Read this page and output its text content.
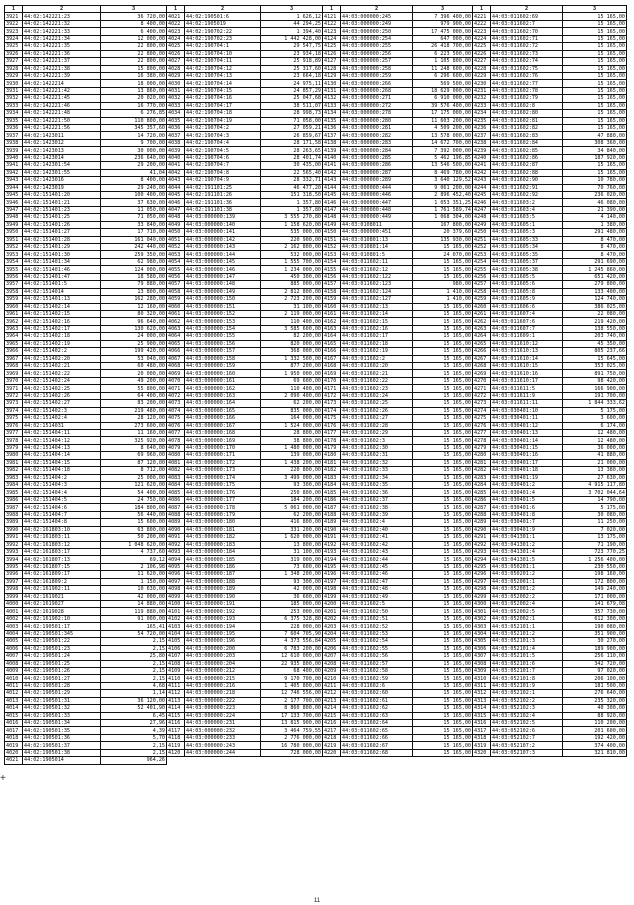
1	2	3
3921	44:02:142221:23	36 720,00
3922	44:02:142221:32	8 400,00
3923	44:02:142221:33	6 400,00
3924	44:02:142221:34	12 000,00
3925	44:02:142221:35	22 800,00
3926	44:02:142221:36	22 800,00
3927	44:02:142221:37	22 800,00
3928	44:02:142221:38	15 800,00
3929	44:02:142221:39	16 380,00
3930	44:02:1422214	18 000,00
3931	44:02:142221:42	13 860,00
3932	44:02:142221:45	20 020,00
3933	44:02:142221:46	16 770,00
3934	44:02:142221:48	6 276,85
3935	44:02:142221:50	110 800,00
3936	44:02:142221:56	345 357,60
3937	44:02:1423011	14 720,00
3938	44:02:1423012	9 700,00
3939	44:02:1423013	30 000,00
3940	44:02:1423014	236 640,00
3941	44:02:142301:54	29 200,00
3942	44:02:142301:55	41,04
3943	44:02:1423016	8 400,00
3944	44:02:1423019	29 240,00
3945	44:02:151401:20	100 400,00
3946	44:02:151401:21	37 630,00
3947	44:02:151401:23	11 050,00
3948	44:02:151401:25	71 050,00
3949	44:02:151401:26	33 840,00
3950	44:02:151401:27	17 710,00
3951	44:02:151401:28	161 040,00
3952	44:02:151401:29	242 440,00
3953	44:02:151401:30	259 350,00
3954	44:02:151401:34	62 980,00
3955	44:02:151401:46	124 000,00
3956	44:02:151401:47	18 580,00
3957	44:02:151401:5	79 880,00
3958	44:02:1514014	13 800,00
3959	44:02:151401:13	162 280,00
3960	44:02:151402:14	12 160,00
3961	44:02:151402:15	80 320,00
3962	44:02:151402:16	96 640,00
3963	44:02:151402:17	130 620,00
3964	44:02:151402:18	24 000,00
3965	44:02:151402:19	25 900,00
3966	44:02:151402:2	199 420,00
3967	44:02:151402:20	53 040,00
3968	44:02:151402:21	60 480,00
3969	44:02:151402:22	20 000,00
3970	44:02:151402:24	49 200,00
3971	44:02:151402:25	55 800,00
3972	44:02:151402:26	64 400,00
3973	44:02:151402:27	83 200,00
3974	44:02:151402:3	219 480,00
3975	44:02:151402:4	28 120,00
3976	44:02:1514031	273 600,00
3977	44:02:151404:11	11 160,00
3978	44:02:151404:12	325 920,00
3979	44:02:151404:13	8 640,00
3980	44:02:151404:14	69 960,00
3981	44:02:151404:15	87 120,00
3982	44:02:151404:18	8 712,00
3983	44:02:151404:2	25 000,00
3984	44:02:151404:3	121 620,00
3985	44:02:151404:4	54 400,00
3986	44:02:151404:5	24 750,00
3987	44:02:151404:6	184 800,00
3988	44:02:151404:7	56 440,00
3989	44:02:151404:8	15 600,00
3990	44:02:161803:10	63 800,00
3991	44:02:161803:11	50 200,00
3992	44:02:161803:12	1 048 620,00
3993	44:02:161803:17	4 737,60
3994	44:02:161807:13	69,12
3995	44:02:161807:15	2 106,98
3996	44:02:161809:17	11 620,00
3997	44:02:161809:2	1 150,00
3998	44:02:161902:11	10 630,00
3999	44:02:1619021	42 000,00
4000	44:02:1619027	14 880,00
4001	44:02:1619028	119 880,00
4002	44:02:161902:10	91 000,00
4003	44:02:190501:17	165,41
4004	44:02:190501:345	54 720,00
4005	44:02:190501:22	2,15
4006	44:02:190501:23	2,15
4007	44:02:190501:24	25,80
4008	44:02:190501:25	2,15
4009	44:02:190501:26	2,15
4010	44:02:190501:27	2,15
4011	44:02:190501:28	4,68
4012	44:02:190501:29	1,14
4013	44:02:190501:31	36 120,00
4014	44:02:190501:32	52 401,90
4015	44:02:190501:33	6,45
4016	44:02:190501:34	27,96
4017	44:02:190501:35	4,39
4018	44:02:190501:36	5,70
4019	44:02:190501:37	2,15
4020	44:02:190501:38	2,15
4021	44:02:1905014	964,26
1	2	3
4021	44:02:190501:6	1 626,12
4022	44:02:1905019	44 294,25
4023	44:02:190702:22	1 394,40
4024	44:02:190702:23	1 442 428,00
4025	44:02:190704:1	29 547,75
4026	44:02:190704:10	23 934,18
4027	44:02:190704:11	25 918,89
4028	44:02:190704:12	25 317,60
4029	44:02:190704:13	23 664,18
4030	44:02:190704:14	24 975,11
4031	44:02:190704:15	24 857,29
4032	44:02:190704:16	25 047,68
4033	44:02:190704:17	38 511,07
4034	44:02:190704:18	28 998,73
4035	44:02:190704:19	71 058,00
4036	44:02:190704:2	27 059,21
4037	44:02:190704:3	26 859,67
4038	44:02:190704:4	28 171,58
4039	44:02:190704:5	28 263,65
4040	44:02:190704:6	28 401,74
4041	44:02:190704:7	30 435,00
4042	44:02:190704:8	22 565,40
4043	44:02:190704:9	28 332,71
4044	44:02:191101:25	46 477,20
4045	44:02:191101:26	151 318,50
4046	44:02:191101:36	1 357,80
4047	44:02:191101:38	1 357,80
4048	44:03:000000:139	3 555 270,80
4049	44:03:000000:140	1 158 620,00
4050	44:03:000000:141	535 000,00
4051	44:03:000000:142	220 900,00
4052	44:03:000000:143	2 162 800,00
4053	44:03:000000:144	532 000,00
4054	44:03:000000:145	1 555 700,00
4055	44:03:000000:146	1 234 000,00
4056	44:03:000000:147	450 300,00
4057	44:03:000000:148	885 000,00
4058	44:03:000000:149	2 812 800,00
4059	44:03:000000:150	2 723 200,00
4060	44:03:000000:151	31 100,00
4061	44:03:000000:152	2 119 000,00
4062	44:03:000000:153	110 400,00
4063	44:03:000000:154	3 585 600,00
4064	44:03:000000:155	82 200,00
4065	44:03:000000:156	820 000,00
4066	44:03:000000:157	368 000,00
4067	44:03:000000:158	1 332 500,00
4068	44:03:000000:159	877 200,00
4069	44:03:000000:160	1 950 000,00
4070	44:03:000000:161	69 600,00
4071	44:03:000000:162	110 400,00
4072	44:03:000000:163	2 090 400,00
4073	44:03:000000:164	62 200,00
4074	44:03:000000:165	835 000,00
4075	44:03:000000:166	164 000,00
4076	44:03:000000:167	1 524 000,00
4077	44:03:000000:168	28 800,00
4078	44:03:000000:169	38 800,00
4079	44:03:000000:170	1 480 000,00
4080	44:03:000000:171	139 000,00
4081	44:03:000000:172	1 438 200,00
4082	44:03:000000:173	220 800,00
4083	44:03:000000:174	3 499 000,00
4084	44:03:000000:175	93 300,00
4085	44:03:000000:176	250 800,00
4086	44:03:000000:177	184 200,00
4087	44:03:000000:178	5 061 000,00
4088	44:03:000000:179	62 200,00
4089	44:03:000000:180	416 800,00
4090	44:03:000000:181	331 200,00
4091	44:03:000000:182	1 620 000,00
4092	44:03:000000:183	13 800,00
4093	44:03:000000:184	31 100,00
4094	44:03:000000:185	319 000,00
4095	44:03:000000:186	73 600,00
4096	44:03:000000:187	1 348 200,00
4097	44:03:000000:188	93 300,00
4098	44:03:000000:189	42 000,00
4099	44:03:000000:190	36 600,00
4100	44:03:000000:191	185 000,00
4101	44:03:000000:192	253 000,00
4102	44:03:000000:193	6 375 328,80
4103	44:03:000000:194	228 000,00
4104	44:03:000000:195	7 604 705,90
4105	44:03:000000:196	4 373 556,84
4106	44:03:000000:200	6 783 200,00
4107	44:03:000000:203	12 610 000,00
4108	44:03:000000:204	22 935 800,00
4109	44:03:000000:212	68 400,00
4110	44:03:000000:215	9 170 700,00
4111	44:03:000000:216	1 405 800,00
4112	44:03:000000:218	12 746 556,00
4113	44:03:000000:222	2 177 700,00
4114	44:03:000000:223	8 860 800,00
4115	44:03:000000:224	17 133 700,00
4116	44:03:000000:231	13 815 900,00
4117	44:03:000000:232	3 464 759,55
4118	44:03:000000:233	2 776 000,00
4119	44:03:000000:243	16 780 000,00
4120	44:03:000000:244	728 000,00
1	2	3
4121	44:03:000000:245	7 396 400,00
4122	44:03:000000:249	979 900,00
4123	44:03:000000:250	17 475 000,00
4124	44:03:000000:254	647 000,00
4125	44:03:000000:255	26 418 700,00
4126	44:03:000000:256	6 223 500,00
4127	44:03:000000:257	1 105 800,00
4128	44:03:000000:258	11 248 600,00
4129	44:03:000000:259	6 296 600,00
4130	44:03:000000:266	569 500,00
4131	44:03:000000:268	18 629 000,00
4132	44:03:000000:271	6 910 000,00
4133	44:03:000000:272	39 576 400,00
4134	44:03:000000:278	17 175 000,00
4135	44:03:000000:280	11 603 200,00
4136	44:03:000000:281	4 509 200,00
4137	44:03:000000:282	13 578 000,00
4138	44:03:000000:283	14 672 700,00
4139	44:03:000000:284	7 392 000,00
4140	44:03:000000:285	5 462 196,85
4141	44:03:000000:286	13 546 500,00
4142	44:03:000000:287	8 469 780,00
4143	44:03:000000:289	3 640 129,52
4144	44:03:000000:444	9 061 200,00
4145	44:03:000000:446	2 896 452,40
4146	44:03:000000:447	1 053 351,25
4147	44:03:000000:448	1 761 589,74
4148	44:03:000000:449	1 068 304,00
4149	44:03:0108011	167 800,00
4150	44:03:000000:451	20 379,60
4151	44:03:010801:13	135 930,00
4152	44:03:010801:14	15 165,00
4153	44:03:010801:5	24 070,00
4154	44:03:011602:11	15 165,00
4155	44:03:011602:12	15 165,00
4156	44:03:011602:122	15 165,00
4157	44:03:011602:123	980,00
4158	44:03:011602:124	1 410,00
4159	44:03:011602:127	1 410,00
4160	44:03:011602:13	15 165,00
4161	44:03:011602:14	15 165,00
4162	44:03:011602:15	15 165,00
4163	44:03:011602:16	15 165,00
4164	44:03:011602:17	15 165,00
4165	44:03:011602:18	15 165,00
4166	44:03:011602:19	15 165,00
4167	44:03:011602:2	15 165,00
4168	44:03:011602:20	15 165,00
4169	44:03:011602:21	15 165,00
4170	44:03:011602:22	15 165,00
4171	44:03:011602:23	15 165,00
4172	44:03:011602:24	15 165,00
4173	44:03:011602:25	15 165,00
4174	44:03:011602:26	15 165,00
4175	44:03:011602:27	15 165,00
4176	44:03:011602:28	15 165,00
4177	44:03:011602:29	15 165,00
4178	44:03:011602:3	15 165,00
4179	44:03:011602:30	15 165,00
4180	44:03:011602:31	15 165,00
4181	44:03:011602:32	15 165,00
4182	44:03:011602:33	15 165,00
4183	44:03:011602:34	15 165,00
4184	44:03:011602:35	15 165,00
4185	44:03:011602:36	15 165,00
4186	44:03:011602:37	15 165,00
4187	44:03:011602:38	15 165,00
4188	44:03:011602:39	15 165,00
4189	44:03:011602:4	15 165,00
4190	44:03:011602:40	15 165,00
4191	44:03:011602:41	15 165,00
4192	44:03:011602:42	15 165,00
4193	44:03:011602:43	15 165,00
4194	44:03:011602:44	15 165,00
4195	44:03:011602:45	15 165,00
4196	44:03:011602:46	15 165,00
4197	44:03:011602:47	15 165,00
4198	44:03:011602:48	15 165,00
4199	44:03:011602:49	15 165,00
4200	44:03:011602:5	15 165,00
4201	44:03:011602:50	15 165,00
4202	44:03:011602:51	15 165,00
4203	44:03:011602:52	15 165,00
4204	44:03:011602:53	15 165,00
4205	44:03:011602:54	15 165,00
4206	44:03:011602:55	15 165,00
4207	44:03:011602:56	15 165,00
4208	44:03:011602:57	15 165,00
4209	44:03:011602:58	15 165,00
4210	44:03:011602:59	15 165,00
4211	44:03:011602:6	15 165,00
4212	44:03:011602:60	15 165,00
4213	44:03:011602:61	15 165,00
4214	44:03:011602:62	15 165,00
4215	44:03:011602:63	15 165,00
4216	44:03:011602:64	15 165,00
4217	44:03:011602:65	15 165,00
4218	44:03:011602:66	15 165,00
4219	44:03:011602:67	15 165,00
4220	44:03:011602:68	15 165,00
1	2	3
4221	44:03:011602:69	15 165,00
4222	44:03:011602:7	15 165,00
4223	44:03:011602:70	15 165,00
4224	44:03:011602:71	15 165,00
4225	44:03:011602:72	15 165,00
4226	44:03:011602:73	15 165,00
4227	44:03:011602:74	15 165,00
4228	44:03:011602:75	15 165,00
4229	44:03:011602:76	15 165,00
4230	44:03:011602:77	15 165,00
4231	44:03:011602:78	15 165,00
4232	44:03:011602:79	15 165,00
4233	44:03:011602:8	15 165,00
4234	44:03:011602:80	15 165,00
4235	44:03:011602:81	15 165,00
4236	44:03:011602:82	15 165,00
4237	44:03:011602:83	47 880,00
4238	44:03:011602:84	308 360,00
4239	44:03:011602:85	34 840,00
4240	44:03:011602:86	187 920,00
4241	44:03:011602:87	15 165,00
4242	44:03:011602:88	15 165,00
4243	44:03:011602:90	10 780,00
4244	44:03:011602:91	70 760,00
4245	44:03:011602:92	236 020,00
4246	44:03:011603:2	46 080,00
4247	44:03:011603:4	21 390,00
4248	44:03:011603:5	4 140,00
4249	44:03:011605:1	1 380,00
4250	44:03:011605:3	291 480,00
4251	44:03:011605:33	8 470,00
4252	44:03:011605:34	8 470,00
4253	44:03:011605:35	8 470,00
4254	44:03:011605:37	291 690,00
4255	44:03:011605:38	1 245 860,00
4256	44:03:011605:5	651 420,00
4257	44:03:011605:6	279 800,00
4258	44:03:011605:8	133 400,00
4259	44:03:011605:9	124 740,00
4260	44:03:011606:6	386 025,00
4261	44:03:011607:4	22 080,00
4262	44:03:011607:6	219 420,00
4263	44:03:011607:7	138 550,00
4264	44:03:011609:1	203 740,00
4265	44:03:011610:12	45 350,00
4266	44:03:011610:13	805 237,66
4267	44:03:011610:14	15 645,00
4268	44:03:011610:15	353 025,00
4269	44:03:011610:16	891 750,00
4270	44:03:011610:17	98 420,00
4271	44:03:011611:5	166 900,00
4272	44:03:011611:9	191 700,00
4273	44:03:011611:11	1 844 333,62
4274	44:03:030401:10	5 175,00
4275	44:03:030401:11	3 600,00
4276	44:03:030401:12	6 174,00
4277	44:03:030401:13	12 480,00
4278	44:03:030401:14	12 480,00
4279	44:03:030401:15	36 000,00
4280	44:03:030401:16	41 880,00
4281	44:03:030401:17	21 000,00
4282	44:03:030401:18	13 380,00
4283	44:03:030401:19	27 630,00
4284	44:03:030401:2	4 915 117,80
4285	44:03:030401:4	3 702 044,64
4286	44:03:030401:5	14 790,00
4287	44:03:030401:6	5 175,00
4288	44:03:030401:8	30 080,00
4289	44:03:030401:7	11 250,00
4290	44:03:030401:9	7 020,00
4291	44:03:041301:1	13 175,00
4292	44:03:041301:2	71 190,00
4293	44:03:041301:4	723 770,25
4294	44:03:041301:5	1 256 400,00
4295	44:03:050201:1	230 550,00
4296	44:03:050201:2	198 160,00
4297	44:03:052001:1	172 800,00
4298	44:03:052001:2	149 240,00
4299	44:03:052002:2	171 000,00
4300	44:03:052002:4	141 679,08
4301	44:03:052002:5	357 730,00
4302	44:03:052002:1	612 300,00
4303	44:03:052101:1	190 080,00
4304	44:03:052101:2	351 900,00
4305	44:03:052101:3	30 270,00
4306	44:03:052101:4	189 900,00
4307	44:03:052101:5	256 110,00
4308	44:03:052101:6	342 720,00
4309	44:03:052101:7	97 020,00
4310	44:03:052101:8	206 100,00
4311	44:03:052101:9	181 500,00
4312	44:03:052102:1	276 640,00
4313	44:03:052102:2	235 320,00
4314	44:03:052102:3	40 300,00
4315	44:03:052102:4	88 920,00
4316	44:03:052102:5	110 200,00
4317	44:03:052102:6	201 600,00
4318	44:03:052102:7	192 420,00
4319	44:03:052107:2	374 400,00
4320	44:03:052107:3	321 810,00
+
11
